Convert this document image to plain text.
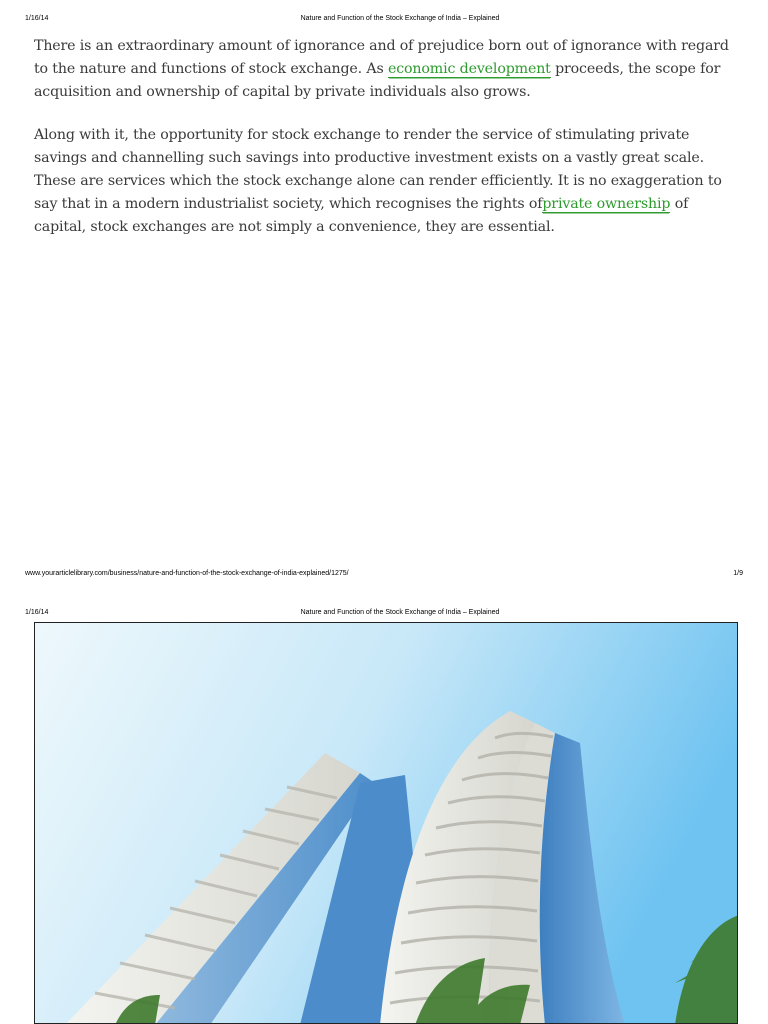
1/16/14	Nature and Function of the Stock Exchange of India – Explained

There is an extraordinary amount of ignorance and of prejudice born out of ignorance with regard to the nature and functions of stock exchange. As economic development proceeds, the scope for acquisition and ownership of capital by private individuals also grows.

Along with it, the opportunity for stock exchange to render the service of stimulating private savings and channelling such savings into productive investment exists on a vastly great scale. These are services which the stock exchange alone can render efficiently. It is no exaggeration to say that in a modern industrialist society, which recognises the rights ofprivate ownership of capital, stock exchanges are not simply a convenience, they are essential.

www.yourarticlelibrary.com/business/nature-and-function-of-the-stock-exchange-of-india-explained/1275/	1/9
1/16/14	Nature and Function of the Stock Exchange of India – Explained
